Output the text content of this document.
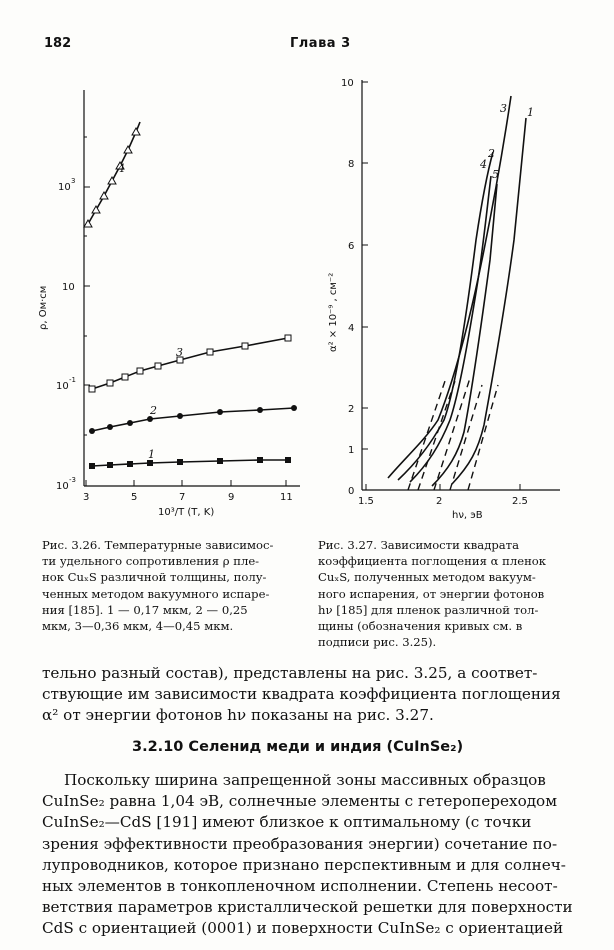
182	Глава 3
10
3
10
10
-1
10
-3
ρ, Ом·см
3	5	7	9	11
10³/T (T, K)
4
3
2
1
10
8
6
4
2
1
0
α² × 10⁻⁹ , см⁻²
1.5	2	2.5
hν, эВ
3
2
1
4
5
Рис. 3.26. Температурные зависимос-
ти удельного сопротивления ρ пле-
нок CuₓS различной толщины, полу-
ченных методом вакуумного испаре-
ния [185]. 1 — 0,17 мкм, 2 — 0,25
мкм, 3—0,36 мкм, 4—0,45 мкм.
Рис. 3.27. Зависимости квадрата
коэффициента поглощения α пленок
CuₓS, полученных методом вакуум-
ного испарения, от энергии фотонов
hν [185] для пленок различной тол-
щины (обозначения кривых см. в
подписи рис. 3.25).
тельно разный состав), представлены на рис. 3.25, а соответ-
ствующие им зависимости квадрата коэффициента поглощения
α² от энергии фотонов hν показаны на рис. 3.27.
3.2.10 Селенид меди и индия (CuInSe₂)
Поскольку ширина запрещенной зоны массивных образцов
CuInSe₂ равна 1,04 эВ, солнечные элементы с гетеропереходом
CuInSe₂—CdS [191] имеют близкое к оптимальному (с точки
зрения эффективности преобразования энергии) сочетание по-
лупроводников, которое признано перспективным и для солнеч-
ных элементов в тонкопленочном исполнении. Степень несоот-
ветствия параметров кристаллической решетки для поверхности
CdS с ориентацией (0001) и поверхности CuInSe₂ с ориентацией
